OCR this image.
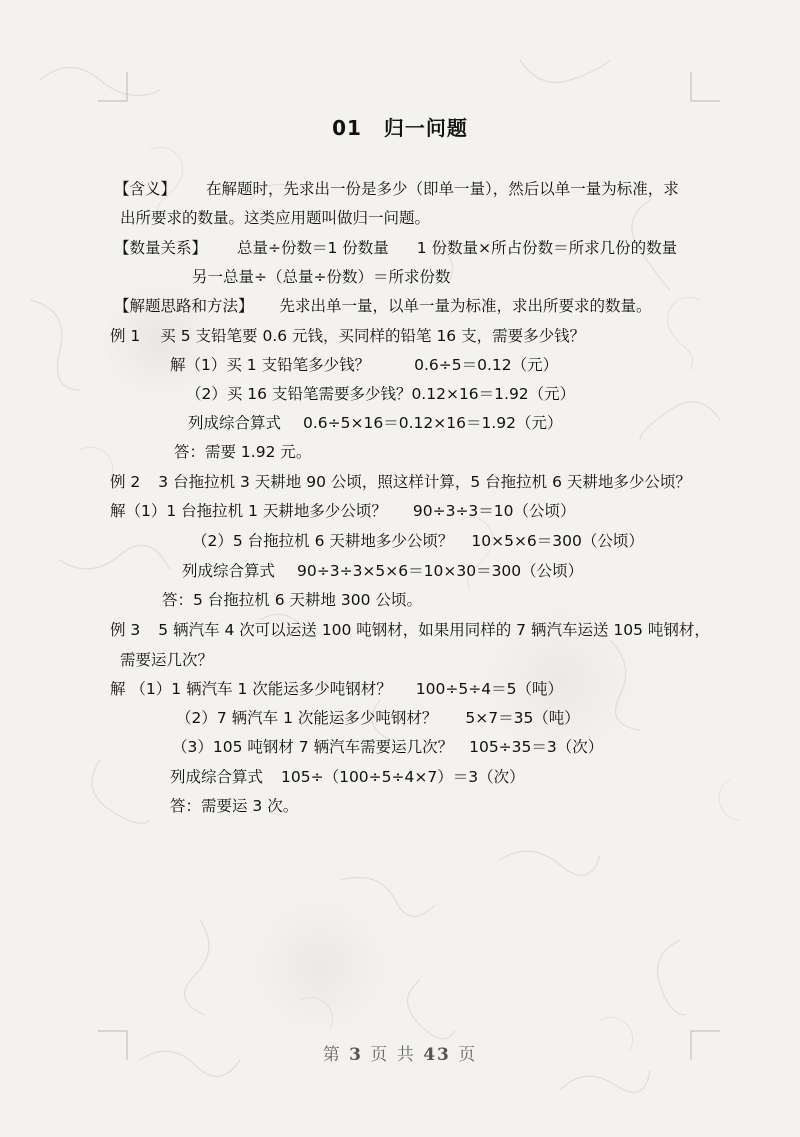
01 归一问题
【含义】 在解题时，先求出一份是多少（即单一量），然后以单一量为标准，求
出所要求的数量。这类应用题叫做归一问题。
【数量关系】 总量÷份数＝1 份数量 1 份数量×所占份数＝所求几份的数量
另一总量÷（总量÷份数）＝所求份数
【解题思路和方法】 先求出单一量，以单一量为标准，求出所要求的数量。
例 1 买 5 支铅笔要 0.6 元钱，买同样的铅笔 16 支，需要多少钱？
解（1）买 1 支铅笔多少钱？	0.6÷5＝0.12（元）
（2）买 16 支铅笔需要多少钱？0.12×16＝1.92（元）
列成综合算式 0.6÷5×16＝0.12×16＝1.92（元）
答：需要 1.92 元。
例 2 3 台拖拉机 3 天耕地 90 公顷，照这样计算，5 台拖拉机 6 天耕地多少公顷？
解（1）1 台拖拉机 1 天耕地多少公顷？ 90÷3÷3＝10（公顷）
（2）5 台拖拉机 6 天耕地多少公顷？ 10×5×6＝300（公顷）
列成综合算式 90÷3÷3×5×6＝10×30＝300（公顷）
答：5 台拖拉机 6 天耕地 300 公顷。
例 3 5 辆汽车 4 次可以运送 100 吨钢材，如果用同样的 7 辆汽车运送 105 吨钢材，
需要运几次？
解 （1）1 辆汽车 1 次能运多少吨钢材？ 100÷5÷4＝5（吨）
（2）7 辆汽车 1 次能运多少吨钢材？ 5×7＝35（吨）
（3）105 吨钢材 7 辆汽车需要运几次？ 105÷35＝3（次）
列成综合算式 105÷（100÷5÷4×7）＝3（次）
答：需要运 3 次。
第 3 页 共 43 页
